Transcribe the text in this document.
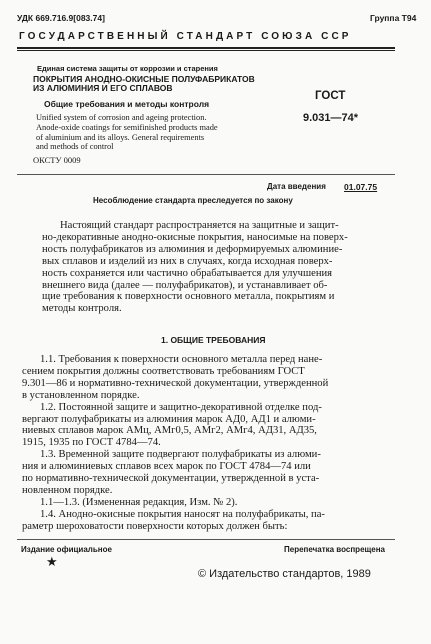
УДК 669.716.9[083.74]	Группа Т94
ГОСУДАРСТВЕННЫЙ СТАНДАРТ СОЮЗА ССР
Единая система защиты от коррозии и старения
ПОКРЫТИЯ АНОДНО-ОКИСНЫЕ ПОЛУФАБРИКАТОВ
ИЗ АЛЮМИНИЯ И ЕГО СПЛАВОВ
Общие требования и методы контроля
Unified system of corrosion and ageing protection.
Anode-oxide coatings for semifinished products made
of aluminium and its alloys. General requirements
and methods of control
ОКСТУ 0009
ГОСТ
9.031—74*
Дата введения 01.07.75
Несоблюдение стандарта преследуется по закону
Настоящий стандарт распространяется на защитные и защит-
но-декоративные анодно-окисные покрытия, наносимые на поверх-
ность полуфабрикатов из алюминия и деформируемых алюминие-
вых сплавов и изделий из них в случаях, когда исходная поверх-
ность сохраняется или частично обрабатывается для улучшения
внешнего вида (далее — полуфабрикатов), и устанавливает об-
щие требования к поверхности основного металла, покрытиям и
методы контроля.
1. ОБЩИЕ ТРЕБОВАНИЯ
1.1. Требования к поверхности основного металла перед нане-
сением покрытия должны соответствовать требованиям ГОСТ
9.301—86 и нормативно-технической документации, утвержденной
в установленном порядке.
1.2. Постоянной защите и защитно-декоративной отделке под-
вергают полуфабрикаты из алюминия марок АД0, АД1 и алюми-
ниевых сплавов марок АМц, АМг0,5, АМг2, АМг4, АД31, АД35,
1915, 1935 по ГОСТ 4784—74.
1.3. Временной защите подвергают полуфабрикаты из алюми-
ния и алюминиевых сплавов всех марок по ГОСТ 4784—74 или
по нормативно-технической документации, утвержденной в уста-
новленном порядке.
1.1—1.3. (Измененная редакция, Изм. № 2).
1.4. Анодно-окисные покрытия наносят на полуфабрикаты, па-
раметр шероховатости поверхности которых должен быть:
Издание официальное	Перепечатка воспрещена
★
© Издательство стандартов, 1989
